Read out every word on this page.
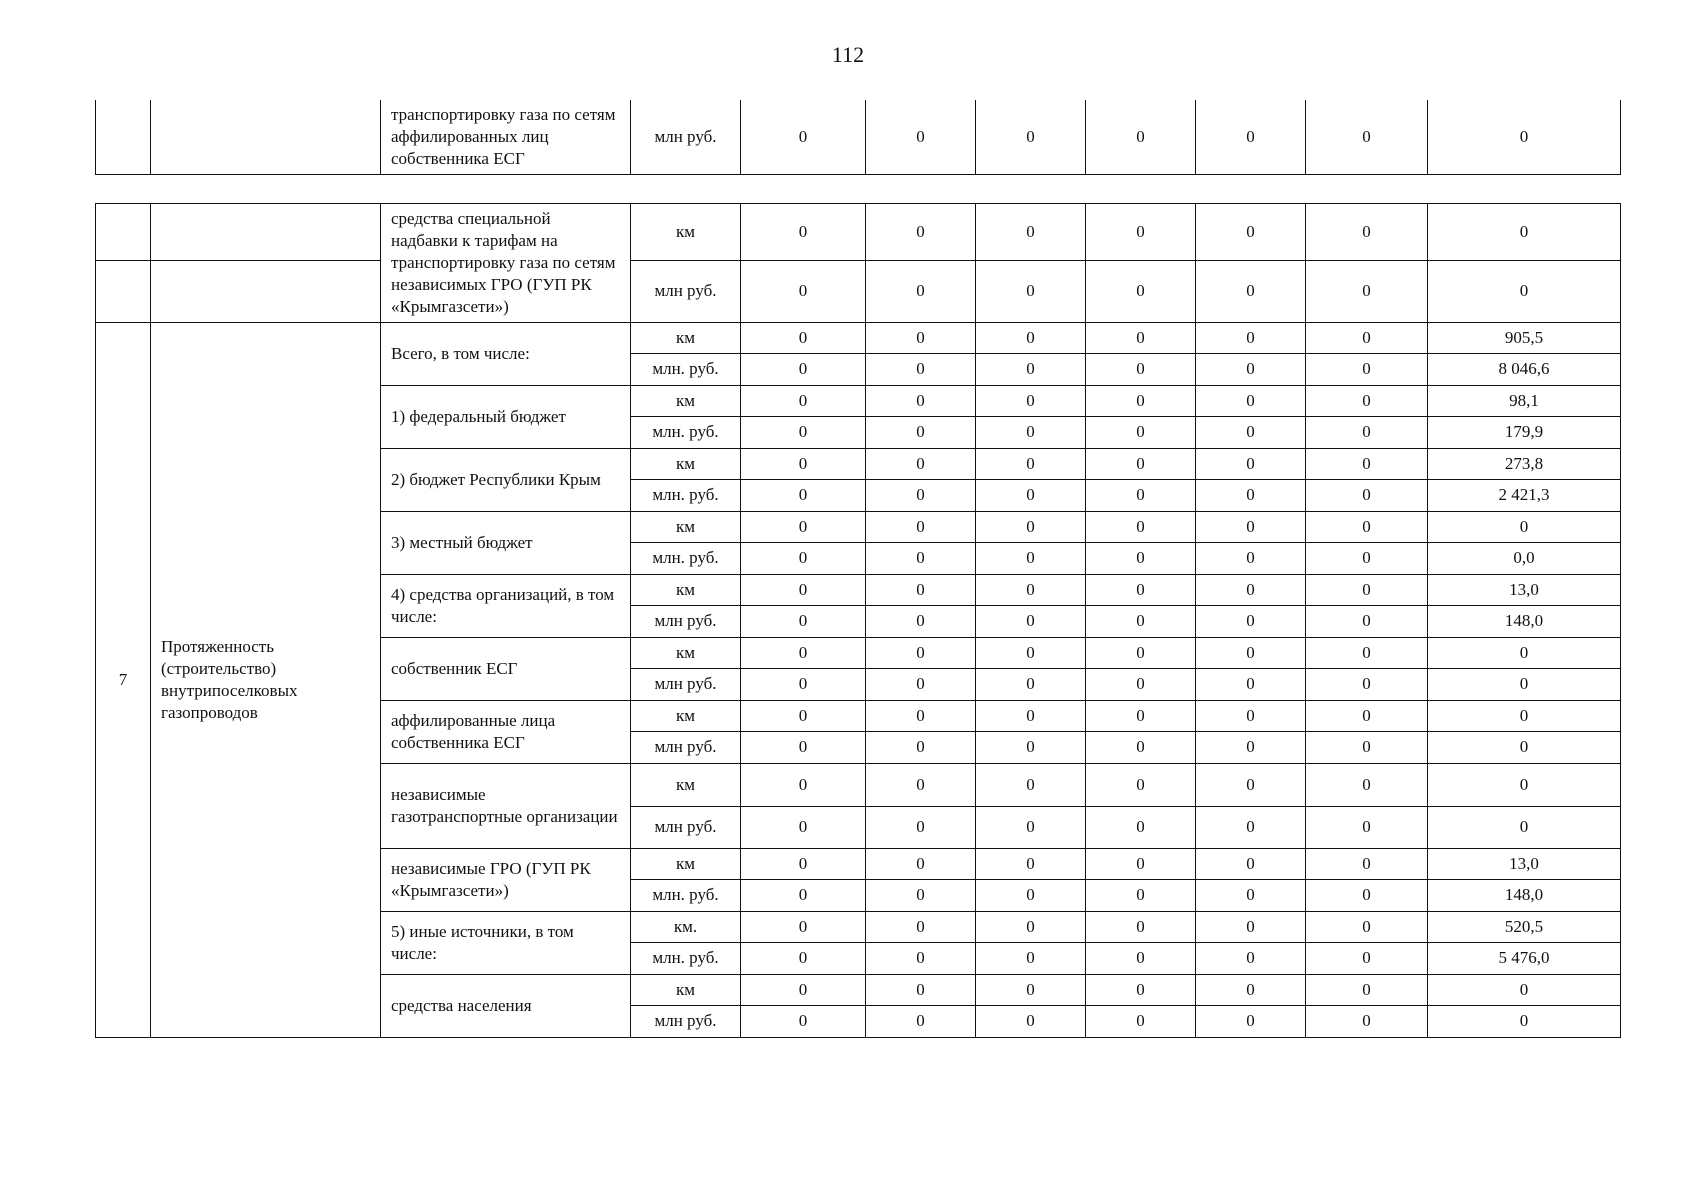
112
		транспортировку газа по сетям аффилированных лиц собственника ЕСГ	млн руб.	0	0	0	0	0	0	0
		средства специальной надбавки к тарифам на транспортировку газа по сетям независимых ГРО (ГУП РК «Крымгазсети»)	км	0	0	0	0	0	0	0
			млн руб.	0	0	0	0	0	0	0
7	Протяженность (строительство) внутрипоселковых газопроводов	Всего, в том числе:	км	0	0	0	0	0	0	905,5
			млн. руб.	0	0	0	0	0	0	8 046,6
		1) федеральный бюджет	км	0	0	0	0	0	0	98,1
			млн. руб.	0	0	0	0	0	0	179,9
		2) бюджет Республики Крым	км	0	0	0	0	0	0	273,8
			млн. руб.	0	0	0	0	0	0	2 421,3
		3) местный бюджет	км	0	0	0	0	0	0	0
			млн. руб.	0	0	0	0	0	0	0,0
		4) средства организаций, в том числе:	км	0	0	0	0	0	0	13,0
			млн руб.	0	0	0	0	0	0	148,0
		собственник ЕСГ	км	0	0	0	0	0	0	0
			млн руб.	0	0	0	0	0	0	0
		аффилированные лица собственника ЕСГ	км	0	0	0	0	0	0	0
			млн руб.	0	0	0	0	0	0	0
		независимые газотранспортные организации	км	0	0	0	0	0	0	0
			млн руб.	0	0	0	0	0	0	0
		независимые ГРО (ГУП РК «Крымгазсети»)	км	0	0	0	0	0	0	13,0
			млн. руб.	0	0	0	0	0	0	148,0
		5) иные источники, в том числе:	км.	0	0	0	0	0	0	520,5
			млн. руб.	0	0	0	0	0	0	5 476,0
		средства населения	км	0	0	0	0	0	0	0
			млн руб.	0	0	0	0	0	0	0
